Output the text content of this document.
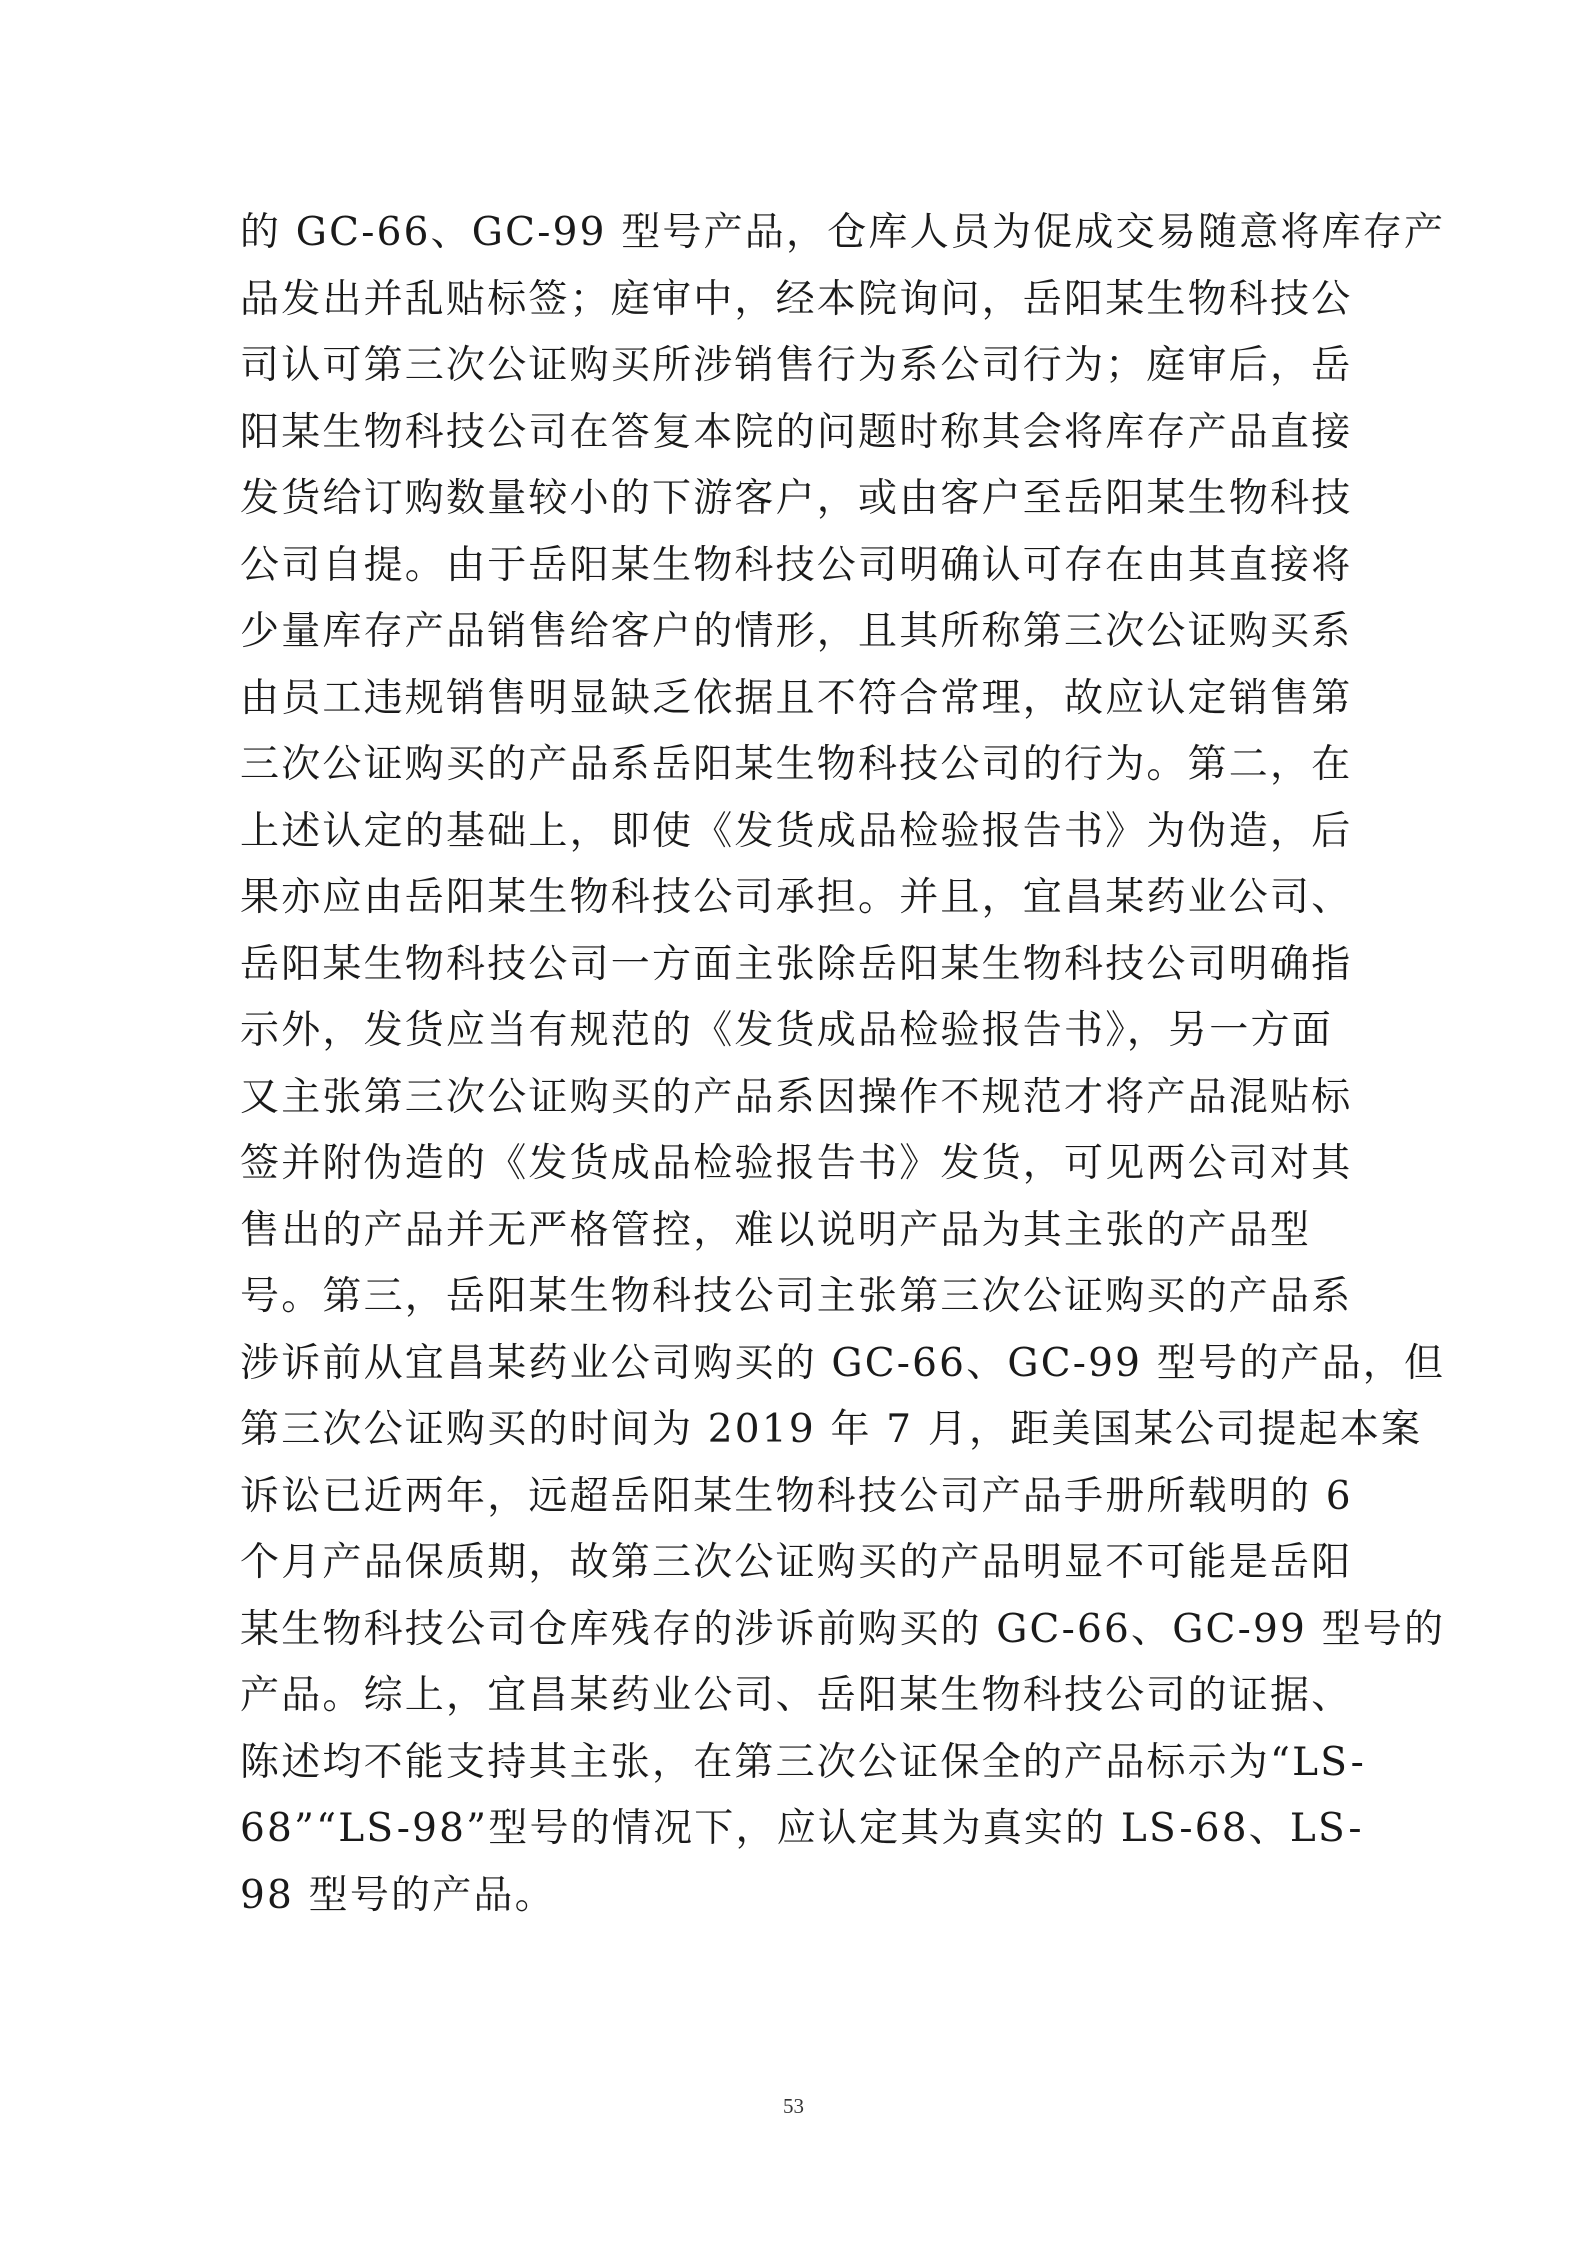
的 GC-66、GC-99 型号产品，仓库人员为促成交易随意将库存产
品发出并乱贴标签；庭审中，经本院询问，岳阳某生物科技公
司认可第三次公证购买所涉销售行为系公司行为；庭审后，岳
阳某生物科技公司在答复本院的问题时称其会将库存产品直接
发货给订购数量较小的下游客户，或由客户至岳阳某生物科技
公司自提。由于岳阳某生物科技公司明确认可存在由其直接将
少量库存产品销售给客户的情形，且其所称第三次公证购买系
由员工违规销售明显缺乏依据且不符合常理，故应认定销售第
三次公证购买的产品系岳阳某生物科技公司的行为。第二，在
上述认定的基础上，即使《发货成品检验报告书》为伪造，后
果亦应由岳阳某生物科技公司承担。并且，宜昌某药业公司、
岳阳某生物科技公司一方面主张除岳阳某生物科技公司明确指
示外，发货应当有规范的《发货成品检验报告书》，另一方面
又主张第三次公证购买的产品系因操作不规范才将产品混贴标
签并附伪造的《发货成品检验报告书》发货，可见两公司对其
售出的产品并无严格管控，难以说明产品为其主张的产品型
号。第三，岳阳某生物科技公司主张第三次公证购买的产品系
涉诉前从宜昌某药业公司购买的 GC-66、GC-99 型号的产品，但
第三次公证购买的时间为 2019 年 7 月，距美国某公司提起本案
诉讼已近两年，远超岳阳某生物科技公司产品手册所载明的 6
个月产品保质期，故第三次公证购买的产品明显不可能是岳阳
某生物科技公司仓库残存的涉诉前购买的 GC-66、GC-99 型号的
产品。综上，宜昌某药业公司、岳阳某生物科技公司的证据、
陈述均不能支持其主张，在第三次公证保全的产品标示为“LS-
68”“LS-98”型号的情况下，应认定其为真实的 LS-68、LS-
98 型号的产品。
53
